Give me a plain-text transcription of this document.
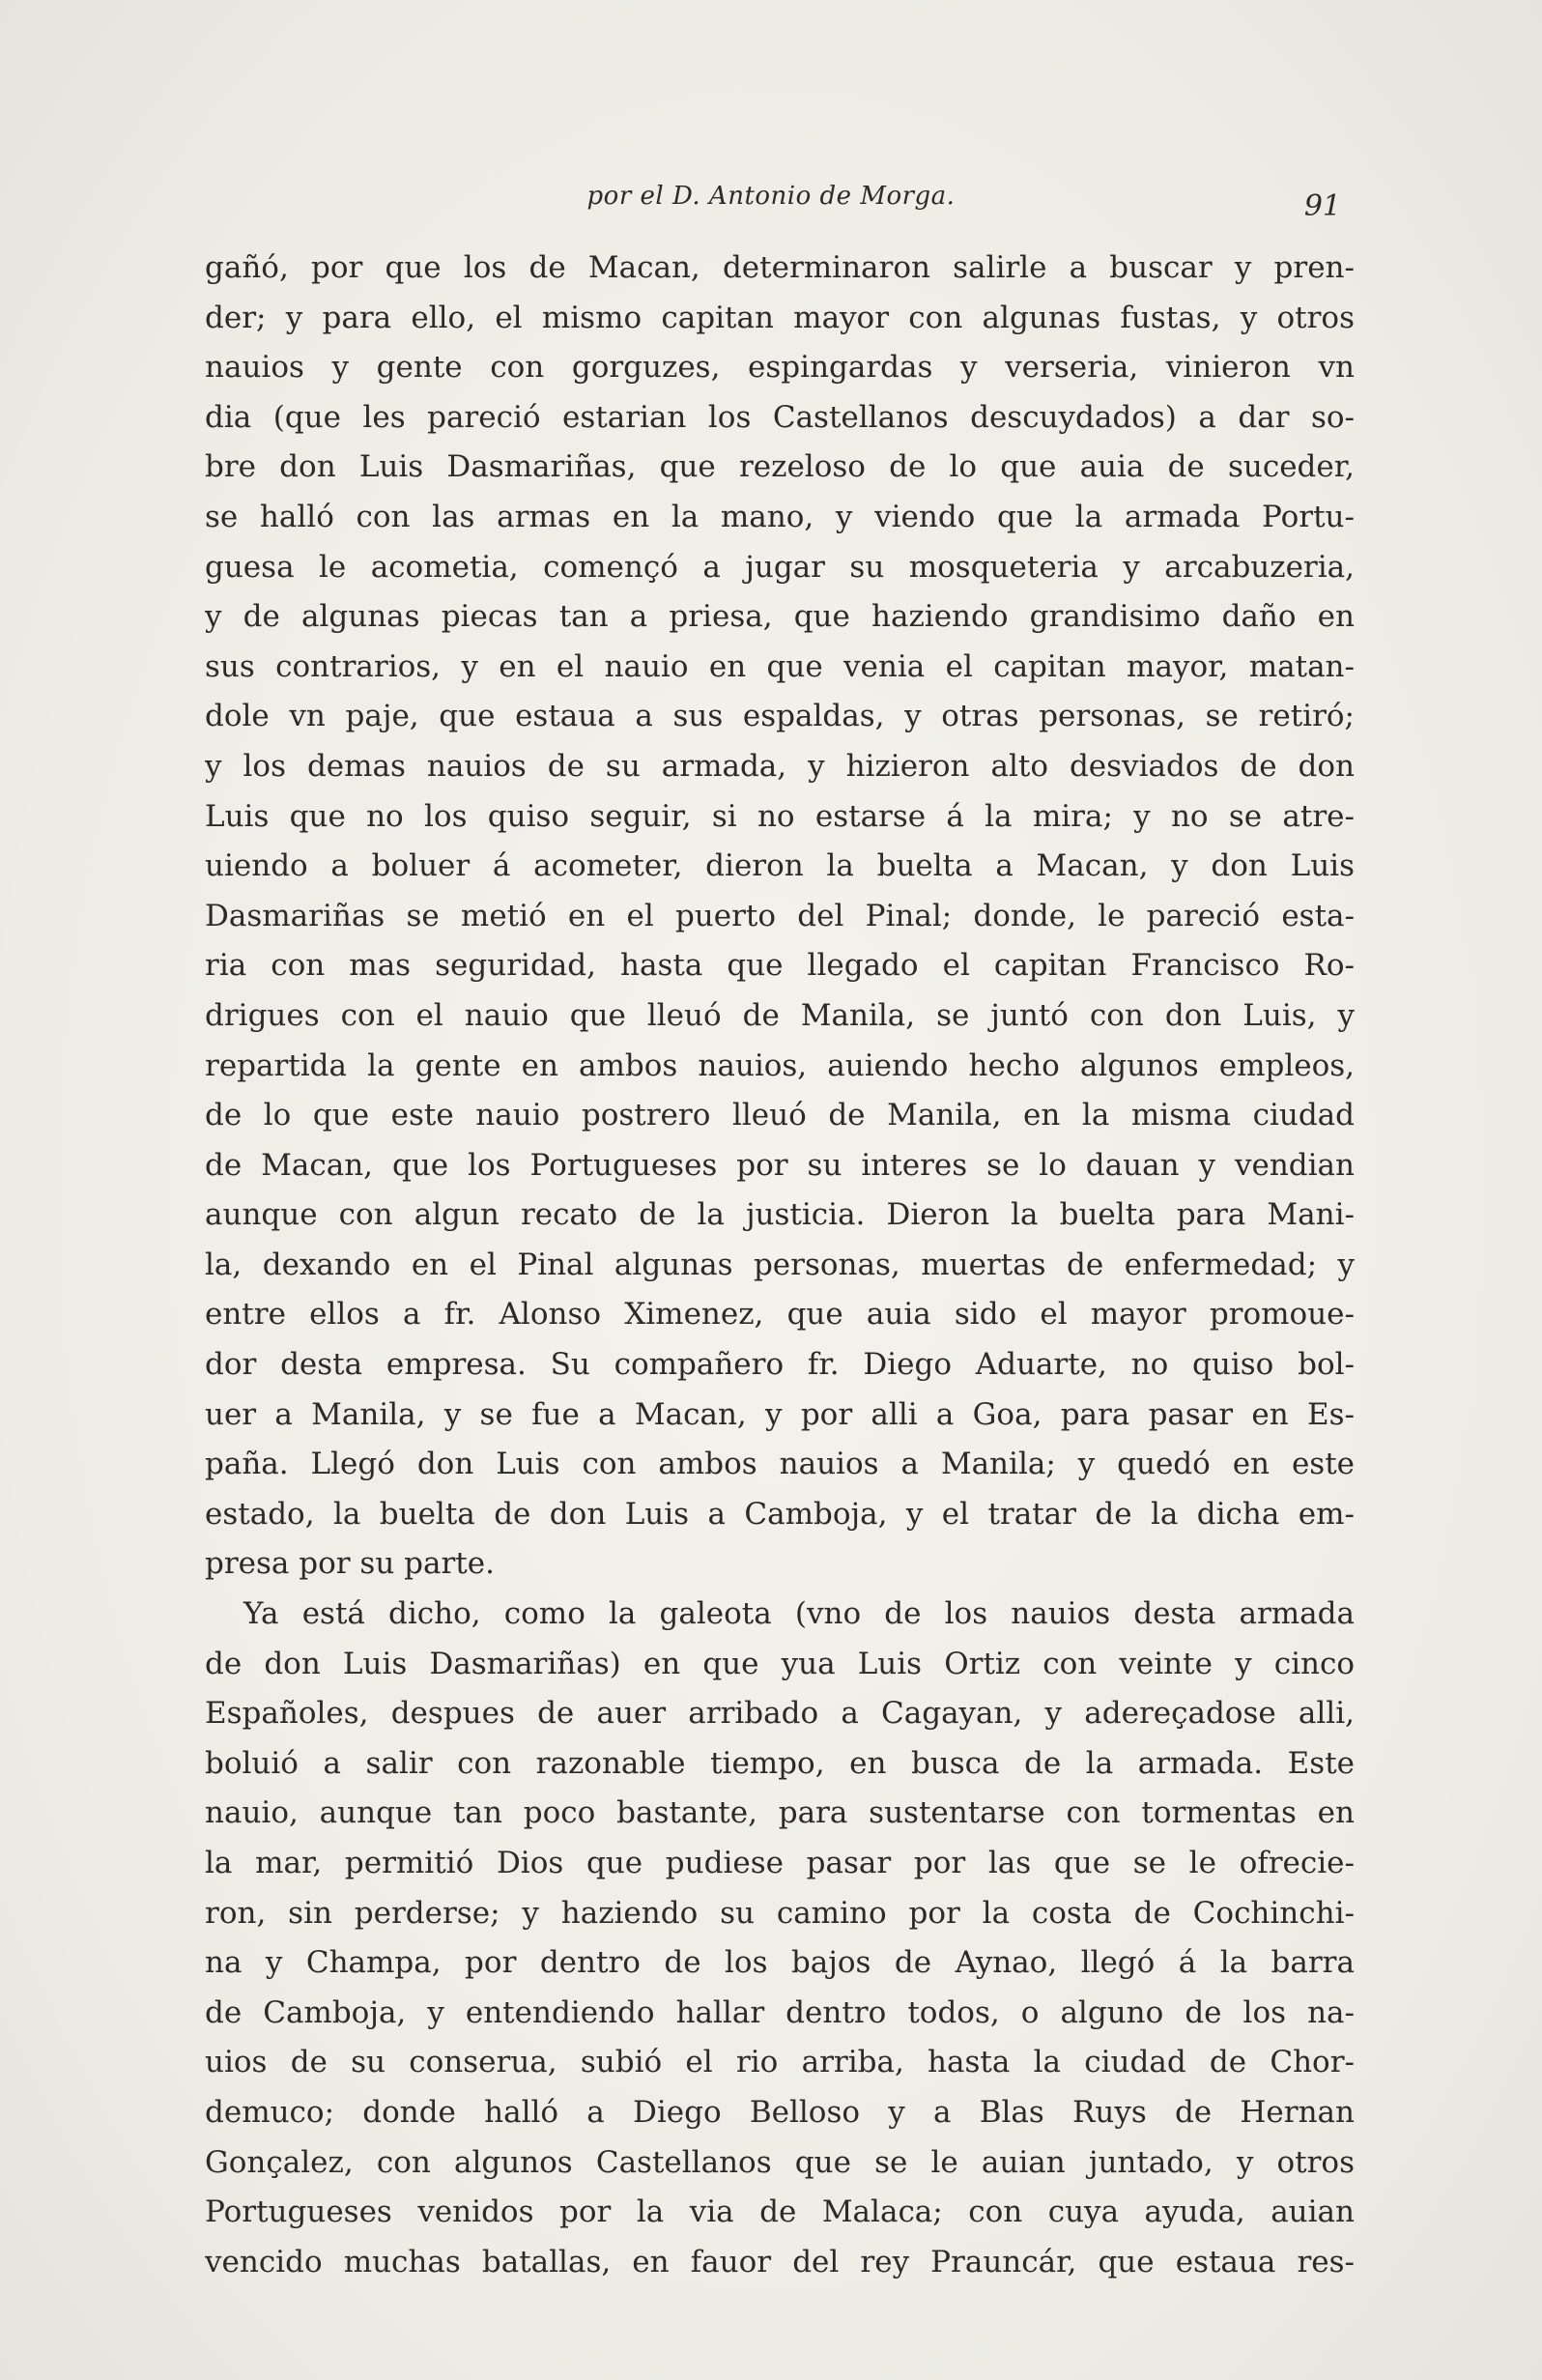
por el D. Antonio de Morga.	91
gañó, por que los de Macan, determinaron salirle a buscar y pren-
der; y para ello, el mismo capitan mayor con algunas fustas, y otros
nauios y gente con gorguzes, espingardas y verseria, vinieron vn
dia (que les pareció estarian los Castellanos descuydados) a dar so-
bre don Luis Dasmariñas, que rezeloso de lo que auia de suceder,
se halló con las armas en la mano, y viendo que la armada Portu-
guesa le acometia, començó a jugar su mosqueteria y arcabuzeria,
y de algunas piecas tan a priesa, que haziendo grandisimo daño en
sus contrarios, y en el nauio en que venia el capitan mayor, matan-
dole vn paje, que estaua a sus espaldas, y otras personas, se retiró;
y los demas nauios de su armada, y hizieron alto desviados de don
Luis que no los quiso seguir, si no estarse á la mira; y no se atre-
uiendo a boluer á acometer, dieron la buelta a Macan, y don Luis
Dasmariñas se metió en el puerto del Pinal; donde, le pareció esta-
ria con mas seguridad, hasta que llegado el capitan Francisco Ro-
drigues con el nauio que lleuó de Manila, se juntó con don Luis, y
repartida la gente en ambos nauios, auiendo hecho algunos empleos,
de lo que este nauio postrero lleuó de Manila, en la misma ciudad
de Macan, que los Portugueses por su interes se lo dauan y vendian
aunque con algun recato de la justicia. Dieron la buelta para Mani-
la, dexando en el Pinal algunas personas, muertas de enfermedad; y
entre ellos a fr. Alonso Ximenez, que auia sido el mayor promoue-
dor desta empresa. Su compañero fr. Diego Aduarte, no quiso bol-
uer a Manila, y se fue a Macan, y por alli a Goa, para pasar en Es-
paña. Llegó don Luis con ambos nauios a Manila; y quedó en este
estado, la buelta de don Luis a Camboja, y el tratar de la dicha em-
presa por su parte.
Ya está dicho, como la galeota (vno de los nauios desta armada
de don Luis Dasmariñas) en que yua Luis Ortiz con veinte y cinco
Españoles, despues de auer arribado a Cagayan, y adereçadose alli,
boluió a salir con razonable tiempo, en busca de la armada. Este
nauio, aunque tan poco bastante, para sustentarse con tormentas en
la mar, permitió Dios que pudiese pasar por las que se le ofrecie-
ron, sin perderse; y haziendo su camino por la costa de Cochinchi-
na y Champa, por dentro de los bajos de Aynao, llegó á la barra
de Camboja, y entendiendo hallar dentro todos, o alguno de los na-
uios de su conserua, subió el rio arriba, hasta la ciudad de Chor-
demuco; donde halló a Diego Belloso y a Blas Ruys de Hernan
Gonçalez, con algunos Castellanos que se le auian juntado, y otros
Portugueses venidos por la via de Malaca; con cuya ayuda, auian
vencido muchas batallas, en fauor del rey Prauncár, que estaua res-
